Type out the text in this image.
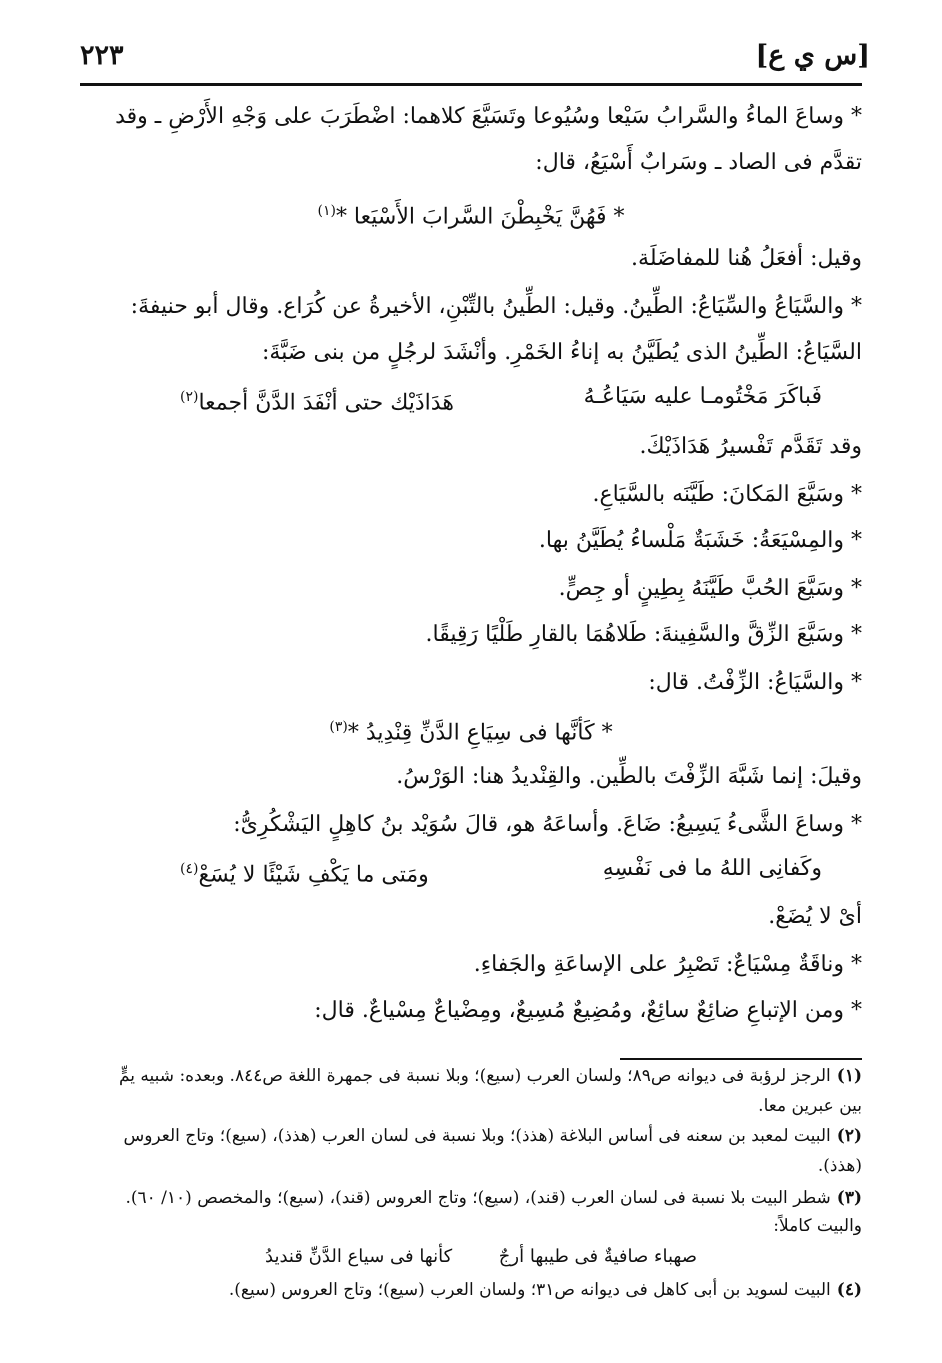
[س ي ع]
٢٢٣
* وساعَ الماءُ والسَّرابُ سَيْعا وسُيُوعا وتَسَيَّعَ كلاهما: اضْطَرَبَ على وَجْهِ الأَرْضِ ـ وقد
تقدَّم فى الصاد ـ وسَرابٌ أَسْيَعُ، قال:
* فَهُنَّ يَخْبِطْنَ السَّرابَ الأَسْيَعا *$^{(١)}$
وقيل: أفعَلُ هُنا للمفاضَلَة.
* والسَّيَاعُ والسِّيَاعُ: الطِّينُ. وقيل: الطِّينُ بالتِّبْنِ، الأخيرةُ عن كُرَاع. وقال أبو حنيفةَ:
السَّيَاعُ: الطِّينُ الذى يُطَيَّنُ به إناءُ الخَمْرِ. وأنْشَدَ لرجُلٍ من بنى ضَبَّةَ:
فَباكَرَ مَخْتُومـا عليه سَيَاعُـهُ
هَدَاذَيْك حتى أنْفَدَ الدَّنَّ أجمعا$^{(٢)}$
وقد تَقَدَّم تَفْسيرُ هَدَاذَيْكَ.
* وسَيَّعَ المَكانَ: طَيَّنَه بالسَّيَاعِ.
* والمِسْيَعَةُ: خَشَبَةٌ مَلْساءُ يُطَيَّنُ بها.
* وسَيَّعَ الحُبَّ طَيَّنَهُ بِطِينٍ أو جِصٍّ.
* وسَيَّعَ الزِّقَّ والسَّفِينةَ: طَلاهُمَا بالقارِ طَلْيًا رَقِيقًا.
* والسَّيَاعُ: الزِّفْتُ. قال:
* كَأنَّها فى سِيَاعِ الدَّنِّ قِنْدِيدُ *$^{(٣)}$
وقيلَ: إنما شَبَّهَ الزِّفْتَ بالطِّين. والقِنْديدُ هنا: الوَرْسُ.
* وساعَ الشَّىءُ يَسِيعُ: ضَاعَ. وأساعَهُ هو، قالَ سُوَيْد بنُ كاهِلٍ اليَشْكُرِىُّ:
وكَفانِى اللهُ ما فى نَفْسِهِ
ومَتى ما يَكْفِ شَيْئًا لا يُسَعْ$^{(٤)}$
أىْ لا يُضَعْ.
* وناقَةٌ مِسْيَاعٌ: تَصْبِرُ على الإساعَةِ والجَفاءِ.
* ومن الإتباعِ ضائِعٌ سائِعٌ، ومُضِيعٌ مُسِيعٌ، ومِضْياعٌ مِسْياعٌ. قال:
(١)الرجز لرؤبة فى ديوانه ص٨٩؛ ولسان العرب (سيع)؛ وبلا نسبة فى جمهرة اللغة ص٨٤٤. وبعده: شبيه يمٍّ
بين عبرين معا.
(٢)البيت لمعبد بن سعنه فى أساس البلاغة (هذذ)؛ وبلا نسبة فى لسان العرب (هذذ)، (سيع)؛ وتاج العروس
(هذذ).
(٣)شطر البيت بلا نسبة فى لسان العرب (قند)، (سيع)؛ وتاج العروس (قند)، (سيع)؛ والمخصص (١٠/ ٦٠).
والبيت كاملاً:
صهباء صافيةٌ فى طيبها أرجٌ
كأنها فى سياع الدَّنِّ قنديدُ
(٤)البيت لسويد بن أبى كاهل فى ديوانه ص٣١؛ ولسان العرب (سيع)؛ وتاج العروس (سيع).
